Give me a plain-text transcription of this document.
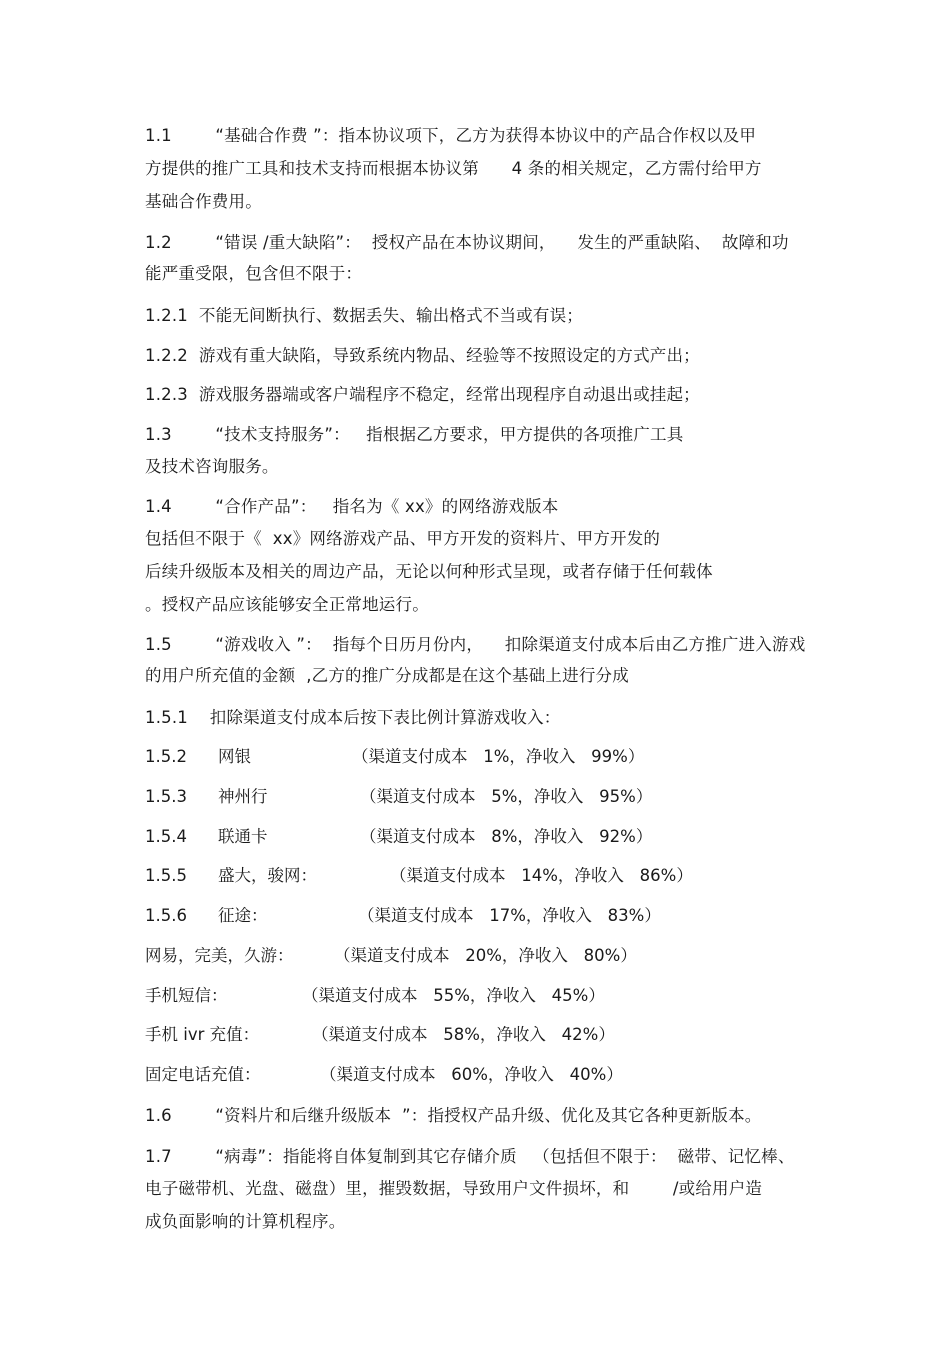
1.1        “基础合作费 ”：指本协议项下，乙方为获得本协议中的产品合作权以及甲
方提供的推广工具和技术支持而根据本协议第      4 条的相关规定，乙方需付给甲方
基础合作费用。
1.2        “错误 /重大缺陷”：  授权产品在本协议期间，    发生的严重缺陷、  故障和功
能严重受限，包含但不限于：
1.2.1  不能无间断执行、数据丢失、输出格式不当或有误；
1.2.2  游戏有重大缺陷，导致系统内物品、经验等不按照设定的方式产出；
1.2.3  游戏服务器端或客户端程序不稳定，经常出现程序自动退出或挂起；
1.3        “技术支持服务”：   指根据乙方要求，甲方提供的各项推广工具
及技术咨询服务。
1.4        “合作产品”：   指名为《 xx》的网络游戏版本
包括但不限于《  xx》网络游戏产品、甲方开发的资料片、甲方开发的
后续升级版本及相关的周边产品，无论以何种形式呈现，或者存储于任何载体
。授权产品应该能够安全正常地运行。
1.5        “游戏收入 ”：  指每个日历月份内，    扣除渠道支付成本后由乙方推广进入游戏
的用户所充值的金额  ,乙方的推广分成都是在这个基础上进行分成
1.5.1    扣除渠道支付成本后按下表比例计算游戏收入：
1.5.2 网银	（渠道支付成本   1%，净收入   99%）
1.5.3 神州行	（渠道支付成本   5%，净收入   95%）
1.5.4 联通卡	（渠道支付成本   8%，净收入   92%）
1.5.5 盛大，骏网：	（渠道支付成本   14%，净收入   86%）
1.5.6 征途：	（渠道支付成本   17%，净收入   83%）
网易，完美，久游： （渠道支付成本   20%，净收入   80%）
手机短信：	（渠道支付成本   55%，净收入   45%）
手机 ivr 充值：	（渠道支付成本   58%，净收入   42%）
固定电话充值：	（渠道支付成本   60%，净收入   40%）
1.6        “资料片和后继升级版本  ”：指授权产品升级、优化及其它各种更新版本。
1.7        “病毒”：指能将自体复制到其它存储介质   （包括但不限于：  磁带、记忆棒、
电子磁带机、光盘、磁盘）里，摧毁数据，导致用户文件损坏，和        /或给用户造
成负面影响的计算机程序。
